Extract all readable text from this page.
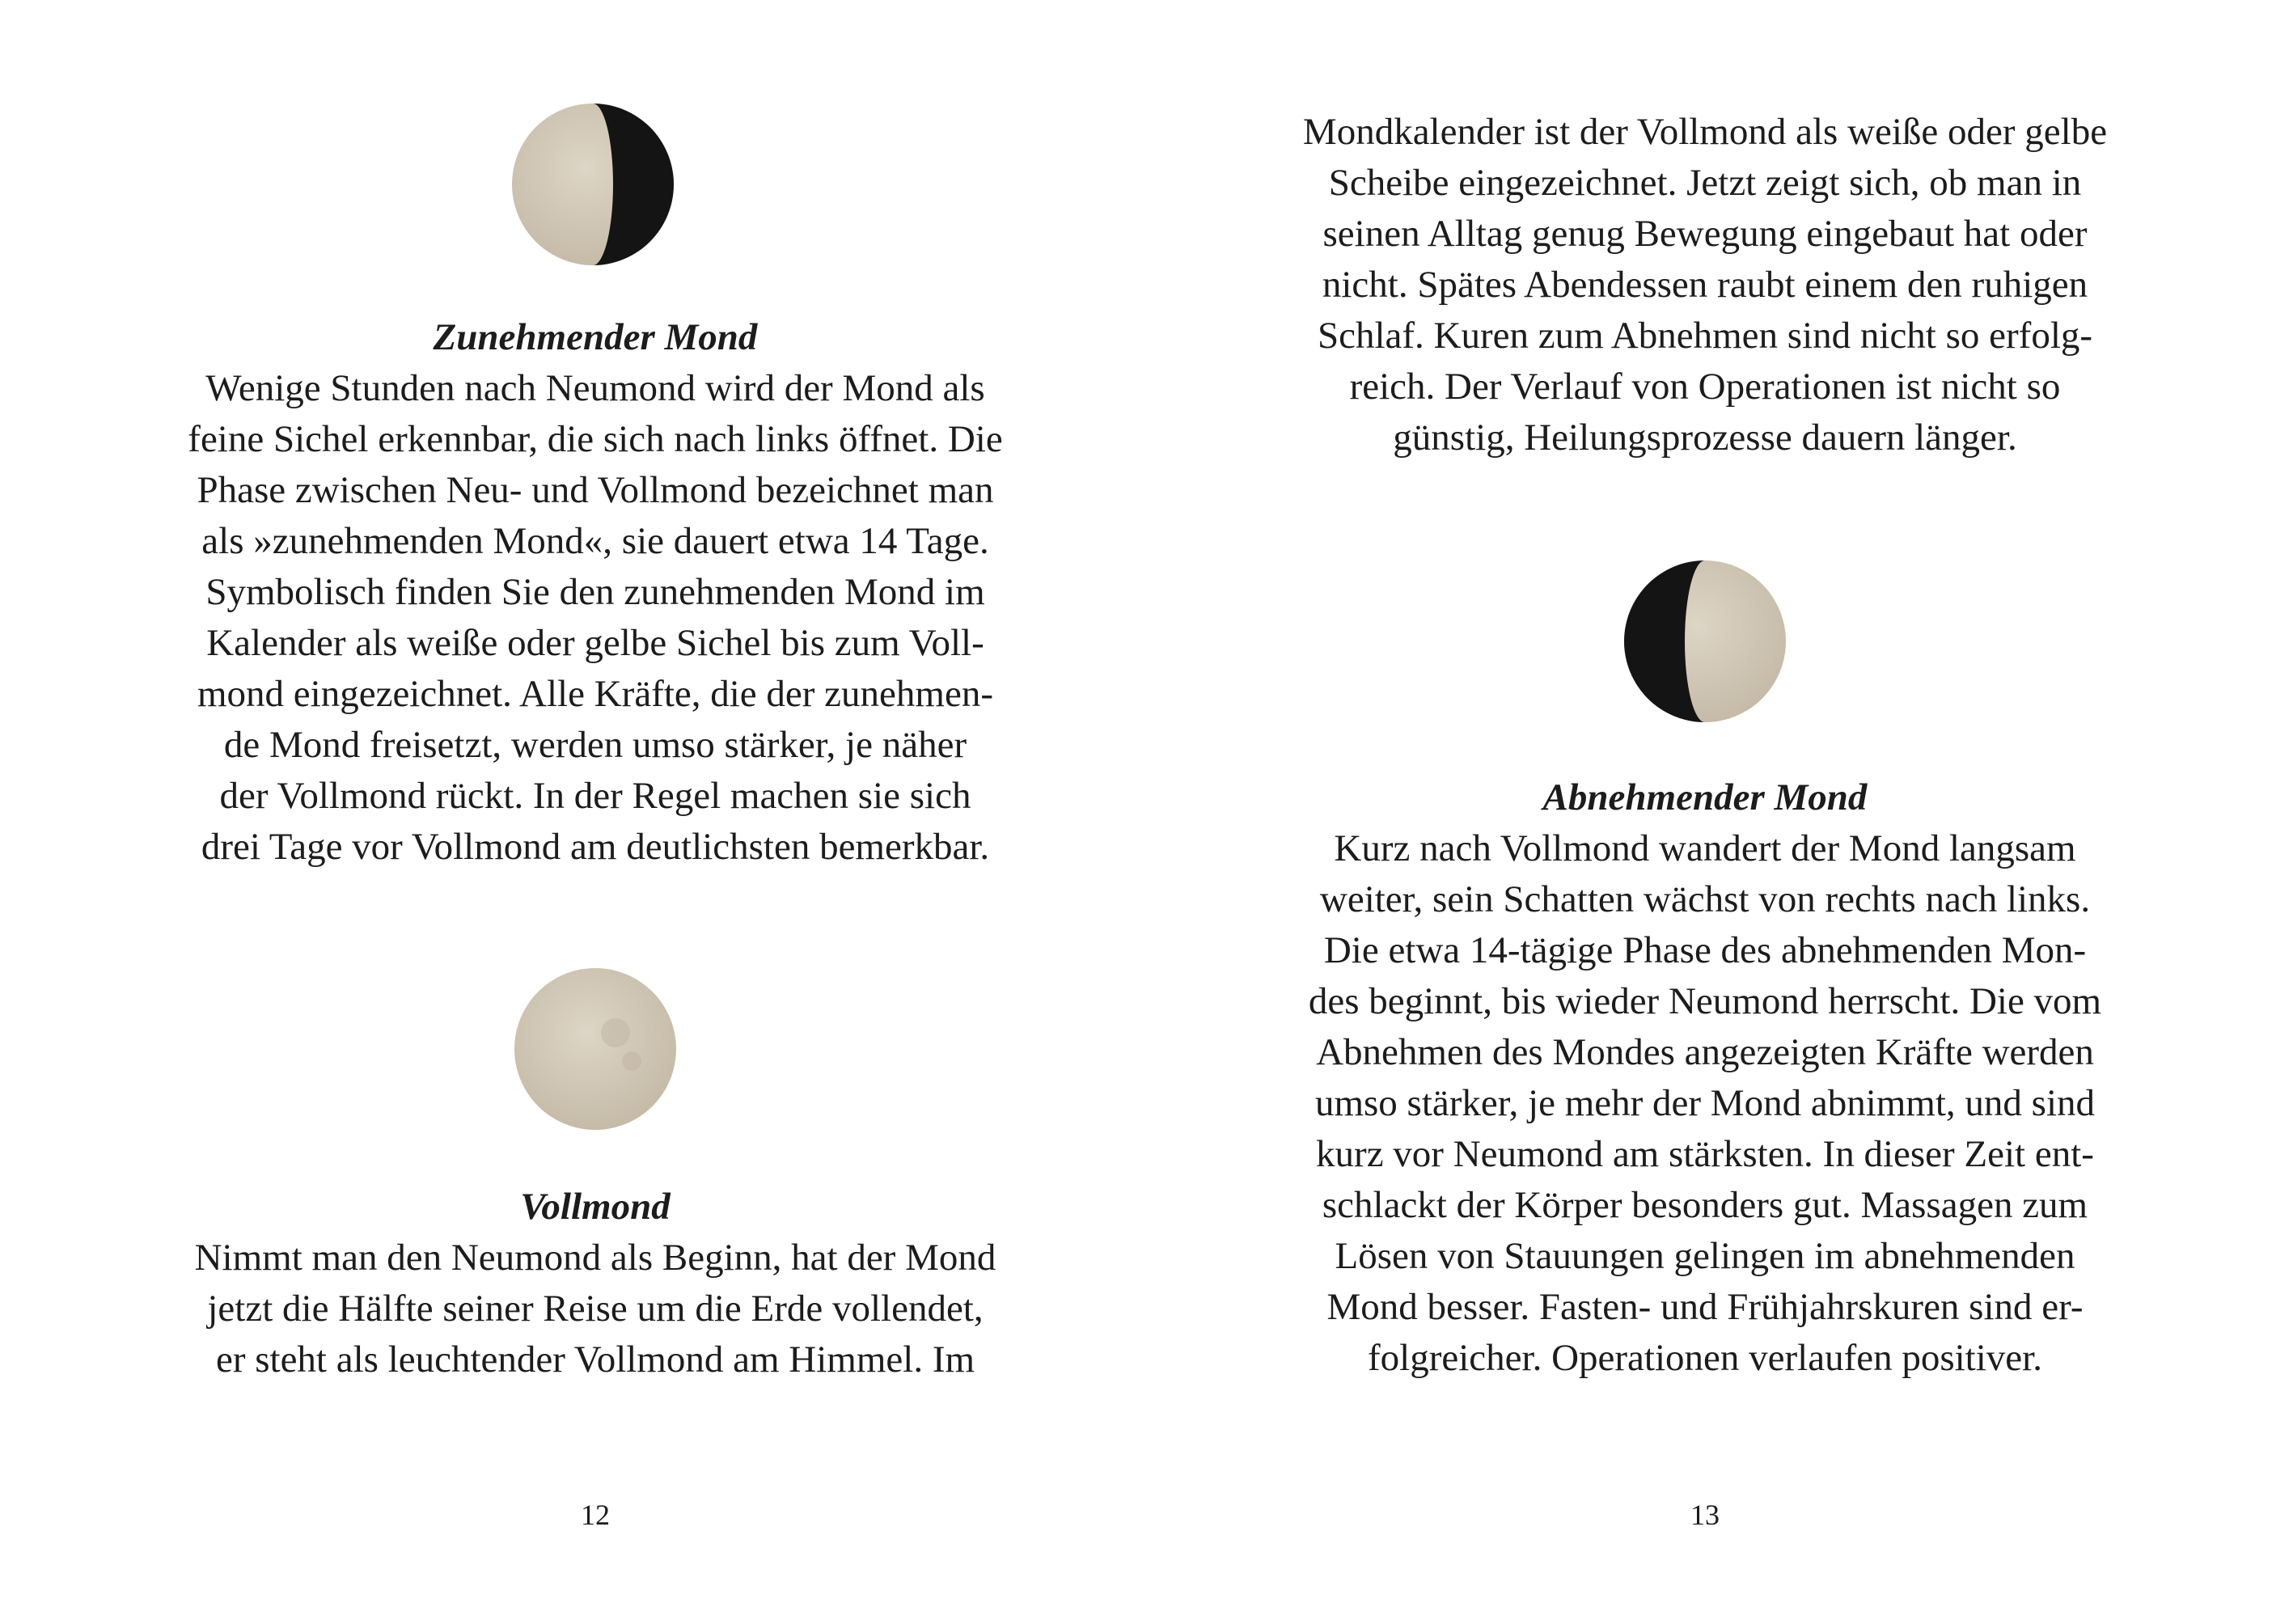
Zunehmender Mond
Wenige Stunden nach Neumond wird der Mond als
feine Sichel erkennbar, die sich nach links öffnet. Die
Phase zwischen Neu- und Vollmond bezeichnet man
als »zunehmenden Mond«, sie dauert etwa 14 Tage.
Symbolisch finden Sie den zunehmenden Mond im
Kalender als weiße oder gelbe Sichel bis zum Voll-
mond eingezeichnet. Alle Kräfte, die der zunehmen-
de Mond freisetzt, werden umso stärker, je näher
der Vollmond rückt. In der Regel machen sie sich
drei Tage vor Vollmond am deutlichsten bemerkbar.
Vollmond
Nimmt man den Neumond als Beginn, hat der Mond
jetzt die Hälfte seiner Reise um die Erde vollendet,
er steht als leuchtender Vollmond am Himmel. Im
Mondkalender ist der Vollmond als weiße oder gelbe
Scheibe eingezeichnet. Jetzt zeigt sich, ob man in
seinen Alltag genug Bewegung eingebaut hat oder
nicht. Spätes Abendessen raubt einem den ruhigen
Schlaf. Kuren zum Abnehmen sind nicht so erfolg-
reich. Der Verlauf von Operationen ist nicht so
günstig, Heilungsprozesse dauern länger.
Abnehmender Mond
Kurz nach Vollmond wandert der Mond langsam
weiter, sein Schatten wächst von rechts nach links.
Die etwa 14-tägige Phase des abnehmenden Mon-
des beginnt, bis wieder Neumond herrscht. Die vom
Abnehmen des Mondes angezeigten Kräfte werden
umso stärker, je mehr der Mond abnimmt, und sind
kurz vor Neumond am stärksten. In dieser Zeit ent-
schlackt der Körper besonders gut. Massagen zum
Lösen von Stauungen gelingen im abnehmenden
Mond besser. Fasten- und Frühjahrskuren sind er-
folgreicher. Operationen verlaufen positiver.
12	13
